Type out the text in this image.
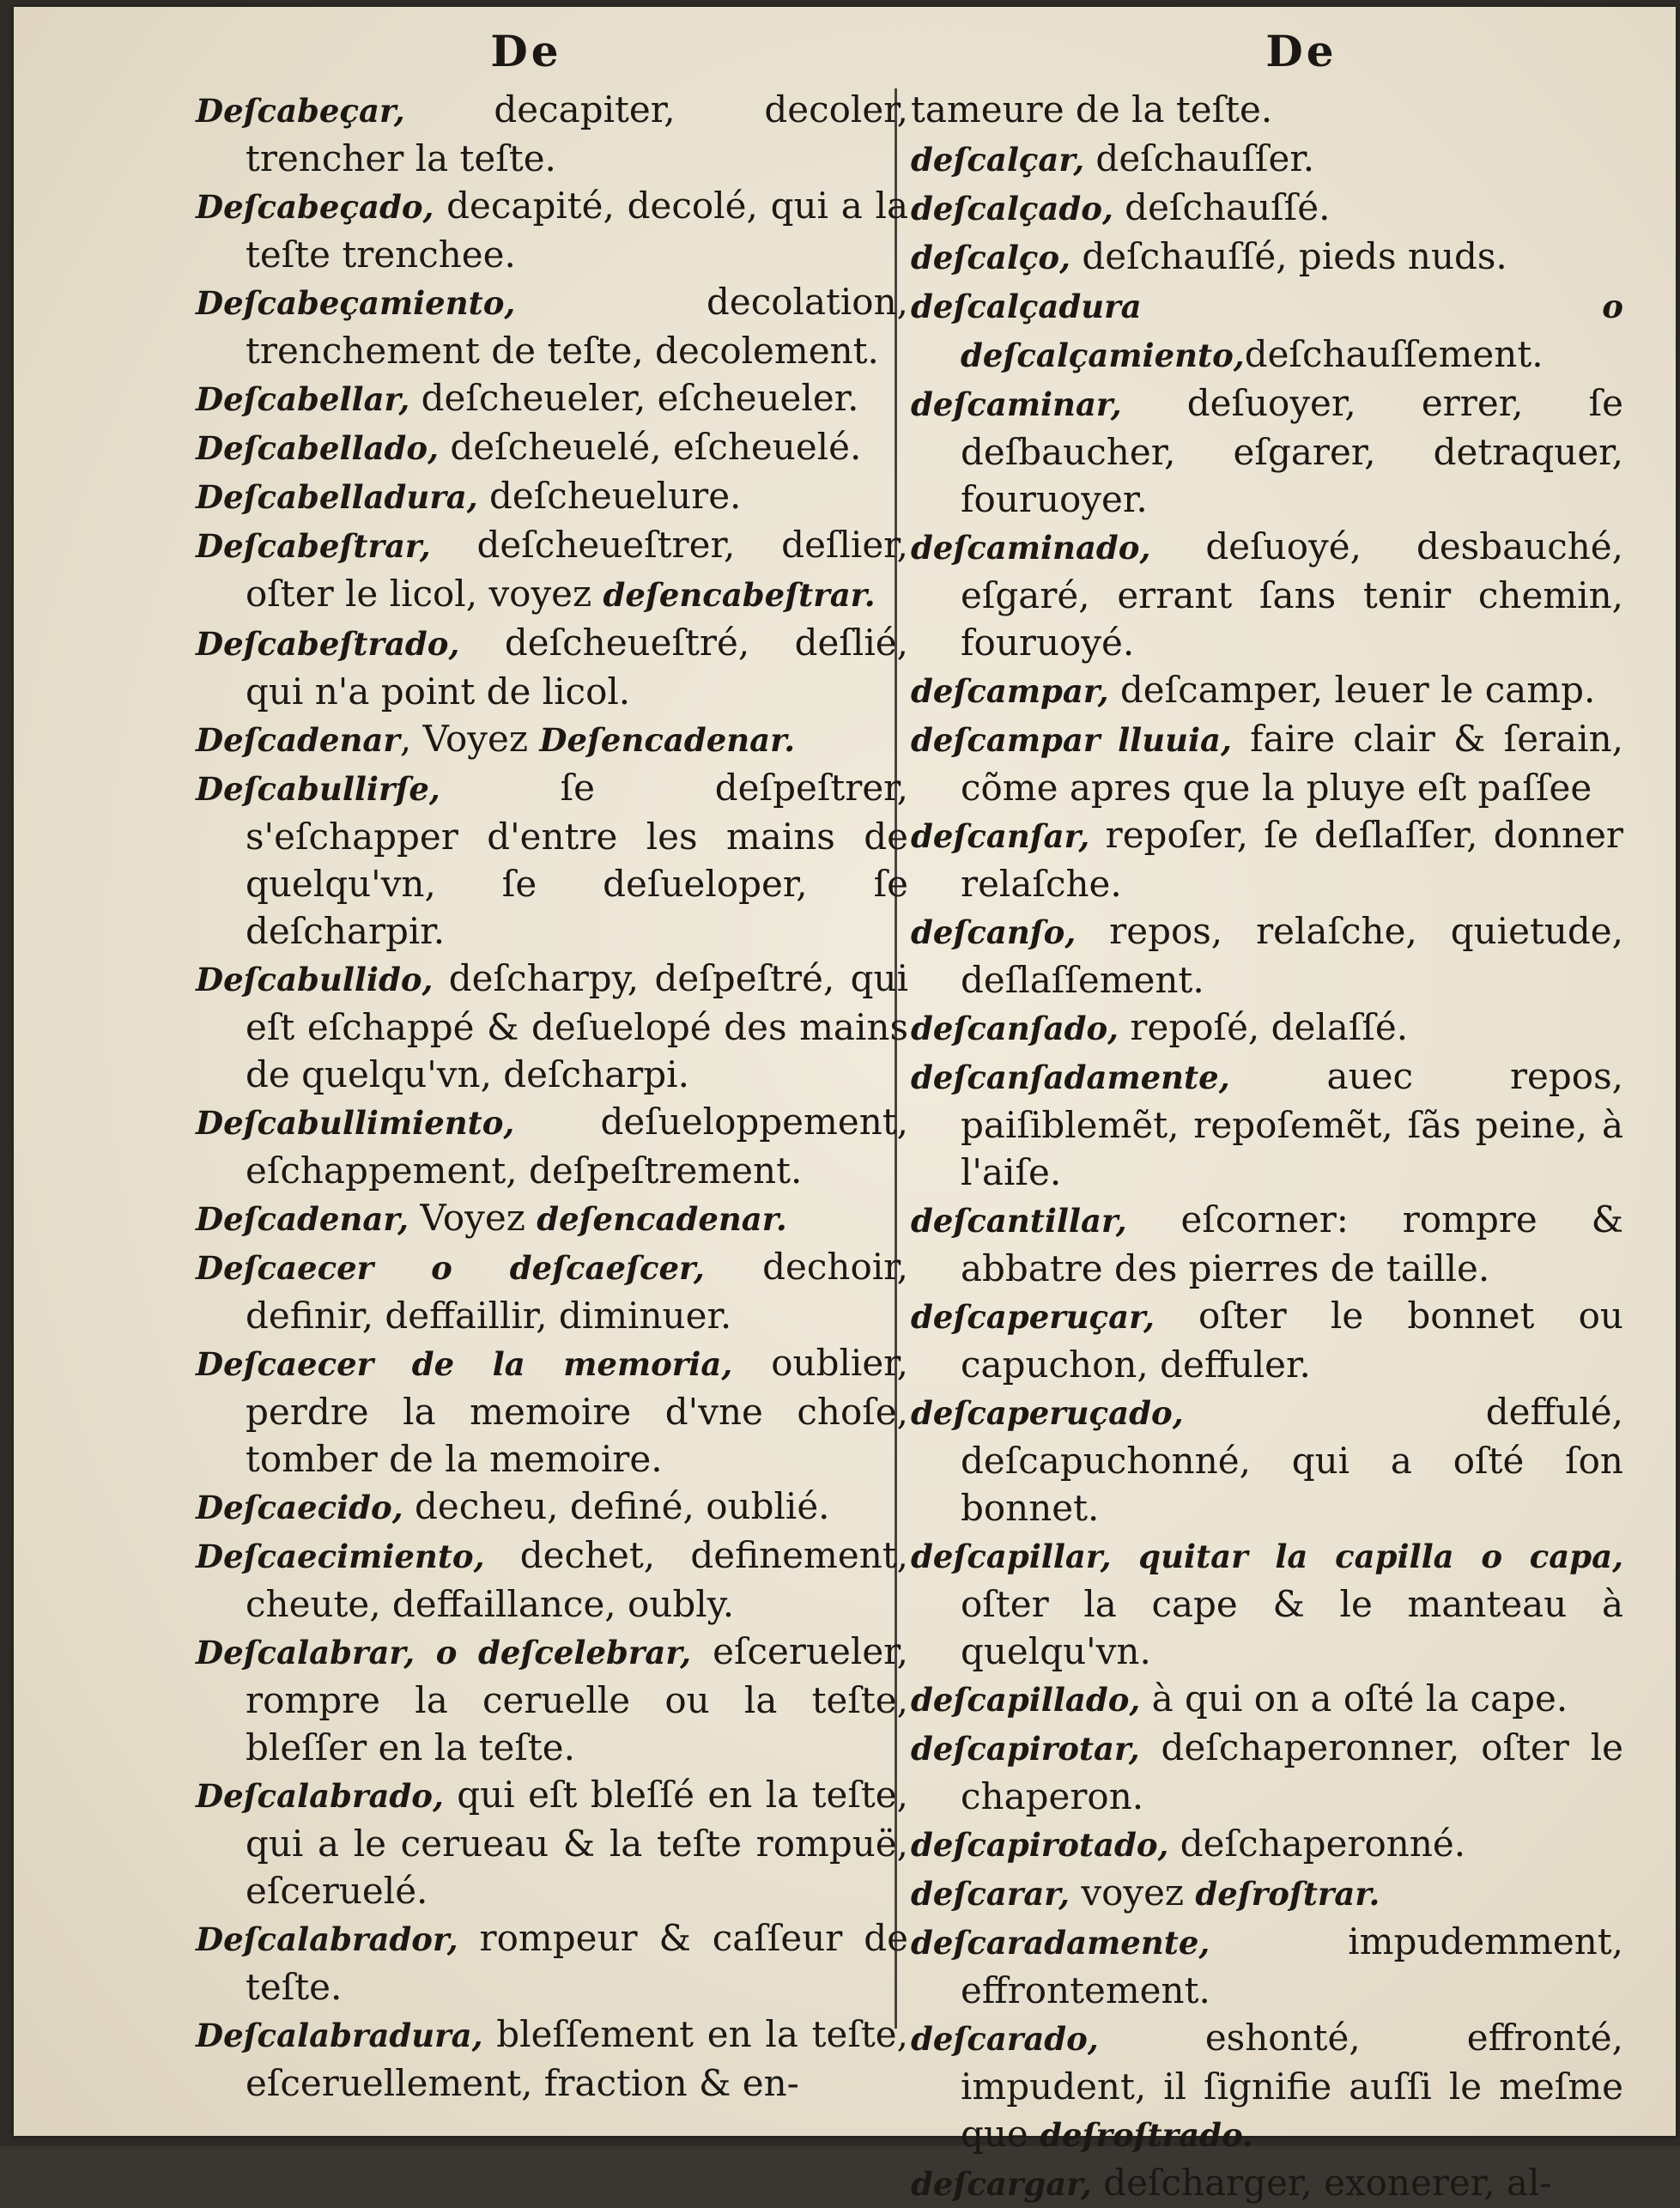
De

Deſcabeçar, decapiter, decoler, trencher la teſte.

Deſcabeçado, decapité, decolé, qui a la teſte trenchee.

Deſcabeçamiento, decolation, trenchement de teſte, decolement.

Deſcabellar, deſcheueler, eſcheueler.

Deſcabellado, deſcheuelé, eſcheuelé.

Deſcabelladura, deſcheuelure.

Deſcabeſtrar, deſcheueſtrer, deſlier, oſter le licol, voyez deſencabeſtrar.

Deſcabeſtrado, deſcheueſtré, deſlié, qui n'a point de licol.

Deſcadenar, Voyez Deſencadenar.

Deſcabullirſe, ſe deſpeſtrer, s'eſchapper d'entre les mains de quelqu'vn, ſe deſueloper, ſe deſcharpir.

Deſcabullido, deſcharpy, deſpeſtré, qui eſt eſchappé & deſuelopé des mains de quelqu'vn, deſcharpi.

Deſcabullimiento, deſueloppement, eſchappement, deſpeſtrement.

Deſcadenar, Voyez deſencadenar.

Deſcaecer o deſcaeſcer, dechoir, definir, deffaillir, diminuer.

Deſcaecer de la memoria, oublier, perdre la memoire d'vne choſe, tomber de la memoire.

Deſcaecido, decheu, definé, oublié.

Deſcaecimiento, dechet, definement, cheute, deffaillance, oubly.

Deſcalabrar, o deſcelebrar, eſcerueler, rompre la ceruelle ou la teſte, bleſſer en la teſte.

Deſcalabrado, qui eſt bleſſé en la teſte, qui a le cerueau & la teſte rompuë, eſceruelé.

Deſcalabrador, rompeur & caſſeur de teſte.

Deſcalabradura, bleſſement en la teſte, eſceruellement, fraction & en-

De

tameure de la teſte.

deſcalçar, deſchauſſer.

deſcalçado, deſchauſſé.

deſcalço, deſchauſſé, pieds nuds.

deſcalçadura o deſcalçamiento,deſchauſſement.

deſcaminar, deſuoyer, errer, ſe deſbaucher, eſgarer, detraquer, fouruoyer.

deſcaminado, deſuoyé, desbauché, eſgaré, errant ſans tenir chemin, fouruoyé.

deſcampar, deſcamper, leuer le camp.

deſcampar lluuia, faire clair & ſerain, cõme apres que la pluye eſt paſſee

deſcanſar, repoſer, ſe deſlaſſer, donner relaſche.

deſcanſo, repos, relaſche, quietude, deſlaſſement.

deſcanſado, repoſé, delaſſé.

deſcanſadamente, auec repos, paiſiblemẽt, repoſemẽt, ſãs peine, à l'aiſe.

deſcantillar, eſcorner: rompre & abbatre des pierres de taille.

deſcaperuçar, oſter le bonnet ou capuchon, deffuler.

deſcaperuçado, deffulé, deſcapuchonné, qui a oſté ſon bonnet.

deſcapillar, quitar la capilla o capa, oſter la cape & le manteau à quelqu'vn.

deſcapillado, à qui on a oſté la cape.

deſcapirotar, deſchaperonner, oſter le chaperon.

deſcapirotado, deſchaperonné.

deſcarar, voyez deſroſtrar.

deſcaradamente, impudemment, effrontement.

deſcarado, eshonté, effronté, impudent, il ſignifie auſſi le meſme que deſroſtrado.

deſcargar, deſcharger, exonerer, al-
